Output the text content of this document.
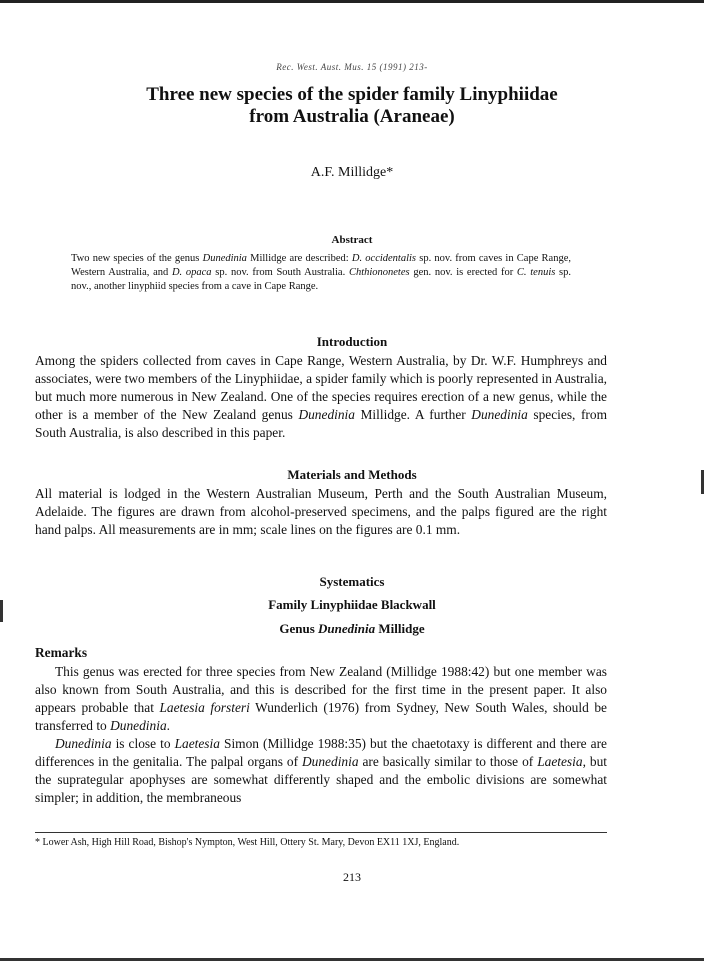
Rec. West. Aust. Mus. 15 (1991) 213-
Three new species of the spider family Linyphiidae
from Australia (Araneae)
A.F. Millidge*
Abstract
Two new species of the genus Dunedinia Millidge are described: D. occidentalis sp. nov. from caves in Cape Range, Western Australia, and D. opaca sp. nov. from South Australia. Chthiononetes gen. nov. is erected for C. tenuis sp. nov., another linyphiid species from a cave in Cape Range.
Introduction
Among the spiders collected from caves in Cape Range, Western Australia, by Dr. W.F. Humphreys and associates, were two members of the Linyphiidae, a spider family which is poorly represented in Australia, but much more numerous in New Zealand. One of the species requires erection of a new genus, while the other is a member of the New Zealand genus Dunedinia Millidge. A further Dunedinia species, from South Australia, is also described in this paper.
Materials and Methods
All material is lodged in the Western Australian Museum, Perth and the South Australian Museum, Adelaide. The figures are drawn from alcohol-preserved specimens, and the palps figured are the right hand palps. All measurements are in mm; scale lines on the figures are 0.1 mm.
Systematics
Family Linyphiidae Blackwall
Genus Dunedinia Millidge
Remarks
This genus was erected for three species from New Zealand (Millidge 1988:42) but one member was also known from South Australia, and this is described for the first time in the present paper. It also appears probable that Laetesia forsteri Wunderlich (1976) from Sydney, New South Wales, should be transferred to Dunedinia.
Dunedinia is close to Laetesia Simon (Millidge 1988:35) but the chaetotaxy is different and there are differences in the genitalia. The palpal organs of Dunedinia are basically similar to those of Laetesia, but the suprategular apophyses are somewhat differently shaped and the embolic divisions are somewhat simpler; in addition, the membraneous
* Lower Ash, High Hill Road, Bishop's Nympton, West Hill, Ottery St. Mary, Devon EX11 1XJ, England.
213
